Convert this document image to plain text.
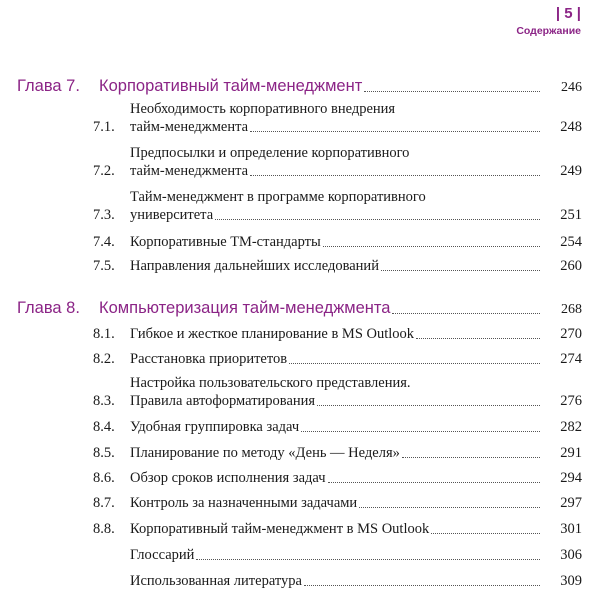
| 5 |
Содержание
Глава 7. Корпоративный тайм-менеджмент	246
7.1.
Необходимость корпоративного внедрения
тайм-менеджмента	248
7.2.
Предпосылки и определение корпоративного
тайм-менеджмента	249
7.3.
Тайм-менеджмент в программе корпоративного
университета	251
7.4. Корпоративные ТМ-стандарты	254
7.5. Направления дальнейших исследований	260
Глава 8. Компьютеризация тайм-менеджмента	268
8.1. Гибкое и жесткое планирование в MS Outlook	270
8.2. Расстановка приоритетов	274
8.3.
Настройка пользовательского представления.
Правила автоформатирования	276
8.4. Удобная группировка задач	282
8.5. Планирование по методу «День — Неделя»	291
8.6. Обзор сроков исполнения задач	294
8.7. Контроль за назначенными задачами	297
8.8. Корпоративный тайм-менеджмент в MS Outlook	301
Глоссарий	306
Использованная литература	309
